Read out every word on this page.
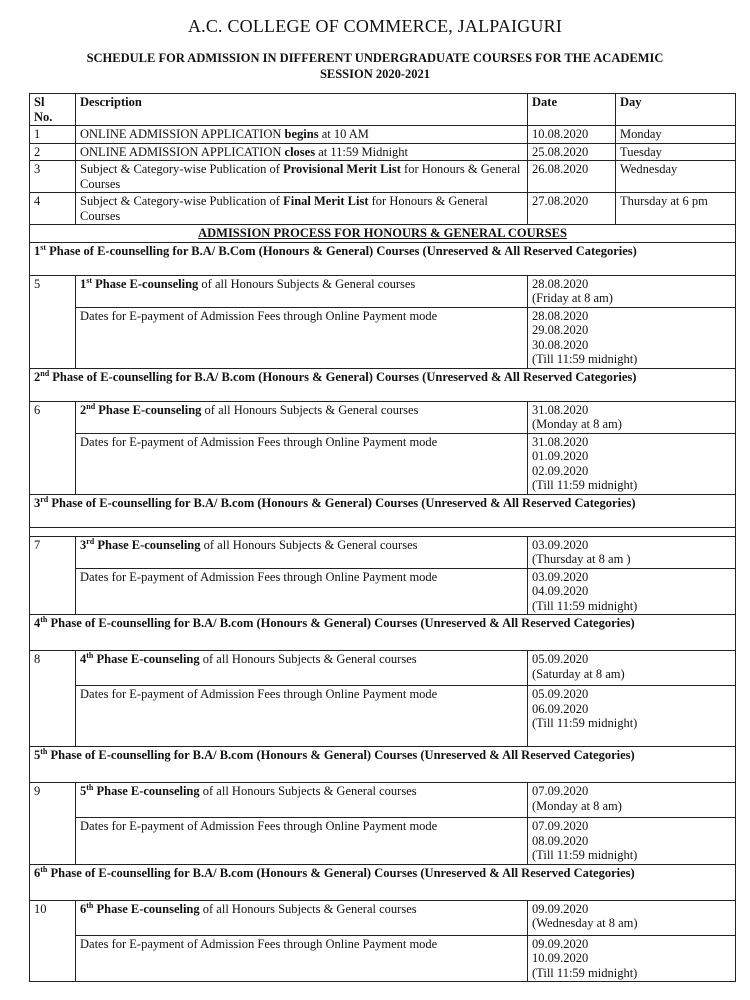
A.C. COLLEGE OF COMMERCE, JALPAIGURI
SCHEDULE FOR ADMISSION IN DIFFERENT UNDERGRADUATE COURSES FOR THE ACADEMIC
SESSION 2020-2021
Sl
No.	Description	Date	Day
1	ONLINE ADMISSION APPLICATION begins at 10 AM	10.08.2020	Monday
2	ONLINE ADMISSION APPLICATION closes at 11:59 Midnight	25.08.2020	Tuesday
3	Subject & Category-wise Publication of Provisional Merit List for Honours & General Courses	26.08.2020	Wednesday
4	Subject & Category-wise Publication of Final Merit List for Honours & General Courses	27.08.2020	Thursday at 6 pm
ADMISSION PROCESS FOR HONOURS & GENERAL COURSES			
1st Phase of E-counselling for B.A/ B.Com (Honours & General) Courses (Unreserved & All Reserved Categories)			
5	1st Phase E-counseling of all Honours Subjects & General courses	28.08.2020
(Friday at 8 am)	

	Dates for E-payment of Admission Fees through Online Payment mode	28.08.2020
29.08.2020
30.08.2020
(Till 11:59 midnight)	

2nd Phase of E-counselling for B.A/ B.com (Honours & General) Courses (Unreserved & All Reserved Categories)			
6	2nd Phase E-counseling of all Honours Subjects & General courses	31.08.2020
(Monday at 8 am)	

	Dates for E-payment of Admission Fees through Online Payment mode	31.08.2020
01.09.2020
02.09.2020
(Till 11:59 midnight)	

3rd Phase of E-counselling for B.A/ B.com (Honours & General) Courses (Unreserved & All Reserved Categories)			

7	3rd Phase E-counseling of all Honours Subjects & General courses	03.09.2020
(Thursday at 8 am )	

	Dates for E-payment of Admission Fees through Online Payment mode	03.09.2020
04.09.2020
(Till 11:59 midnight)	

4th Phase of E-counselling for B.A/ B.com (Honours & General) Courses (Unreserved & All Reserved Categories)			
8	4th Phase E-counseling of all Honours Subjects & General courses	05.09.2020
(Saturday at 8 am)	

	Dates for E-payment of Admission Fees through Online Payment mode	05.09.2020
06.09.2020
(Till 11:59 midnight)	

5th Phase of E-counselling for B.A/ B.com (Honours & General) Courses (Unreserved & All Reserved Categories)			
9	5th Phase E-counseling of all Honours Subjects & General courses	07.09.2020
(Monday at 8 am)	

	Dates for E-payment of Admission Fees through Online Payment mode	07.09.2020
08.09.2020
(Till 11:59 midnight)	

6th Phase of E-counselling for B.A/ B.com (Honours & General) Courses (Unreserved & All Reserved Categories)			
10	6th Phase E-counseling of all Honours Subjects & General courses	09.09.2020
(Wednesday at 8 am)	

	Dates for E-payment of Admission Fees through Online Payment mode	09.09.2020
10.09.2020
(Till 11:59 midnight)	
